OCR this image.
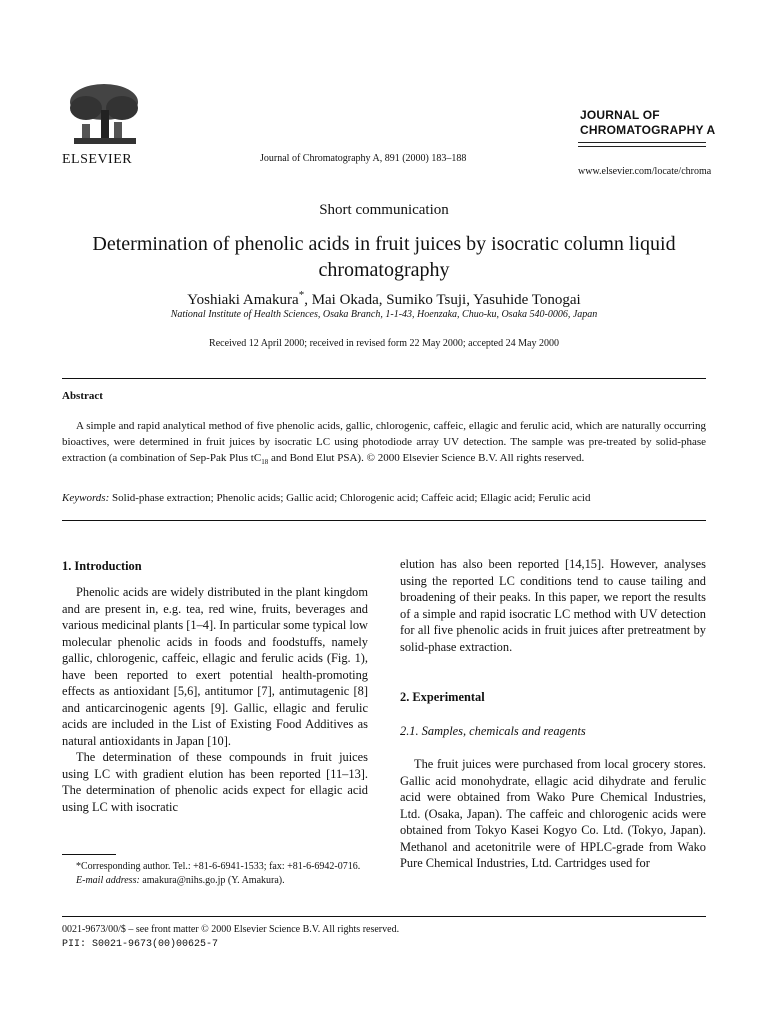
ELSEVIER	Journal of Chromatography A, 891 (2000) 183–188
JOURNAL OF
CHROMATOGRAPHY A
www.elsevier.com/locate/chroma
Short communication
Determination of phenolic acids in fruit juices by isocratic column liquid chromatography
Yoshiaki Amakura*, Mai Okada, Sumiko Tsuji, Yasuhide Tonogai
National Institute of Health Sciences, Osaka Branch, 1-1-43, Hoenzaka, Chuo-ku, Osaka 540-0006, Japan
Received 12 April 2000; received in revised form 22 May 2000; accepted 24 May 2000
Abstract
A simple and rapid analytical method of five phenolic acids, gallic, chlorogenic, caffeic, ellagic and ferulic acid, which are naturally occurring bioactives, were determined in fruit juices by isocratic LC using photodiode array UV detection. The sample was pre-treated by solid-phase extraction (a combination of Sep-Pak Plus $tC_{18}$ and Bond Elut PSA). © 2000 Elsevier Science B.V. All rights reserved.
Keywords: Solid-phase extraction; Phenolic acids; Gallic acid; Chlorogenic acid; Caffeic acid; Ellagic acid; Ferulic acid
1. Introduction

Phenolic acids are widely distributed in the plant kingdom and are present in, e.g. tea, red wine, fruits, beverages and various medicinal plants [1–4]. In particular some typical low molecular phenolic acids in foods and foodstuffs, namely gallic, chlorogenic, caffeic, ellagic and ferulic acids (Fig. 1), have been reported to exert potential health-promoting effects as antioxidant [5,6], antitumor [7], antimutagenic [8] and anticarcinogenic agents [9]. Gallic, ellagic and ferulic acids are included in the List of Existing Food Additives as natural antioxidants in Japan [10].

The determination of these compounds in fruit juices using LC with gradient elution has been reported [11–13]. The determination of phenolic acids expect for ellagic acid using LC with isocratic

*Corresponding author. Tel.: +81-6-6941-1533; fax: +81-6-6942-0716.
E-mail address: amakura@nihs.go.jp (Y. Amakura).
elution has also been reported [14,15]. However, analyses using the reported LC conditions tend to cause tailing and broadening of their peaks. In this paper, we report the results of a simple and rapid isocratic LC method with UV detection for all five phenolic acids in fruit juices after pretreatment by solid-phase extraction.
2. Experimental
2.1. Samples, chemicals and reagents

The fruit juices were purchased from local grocery stores. Gallic acid monohydrate, ellagic acid dihydrate and ferulic acid were obtained from Wako Pure Chemical Industries, Ltd. (Osaka, Japan). The caffeic and chlorogenic acids were obtained from Tokyo Kasei Kogyo Co. Ltd. (Tokyo, Japan). Methanol and acetonitrile were of HPLC-grade from Wako Pure Chemical Industries, Ltd. Cartridges used for

0021-9673/00/$ – see front matter © 2000 Elsevier Science B.V. All rights reserved.
PII: S0021-9673(00)00625-7
